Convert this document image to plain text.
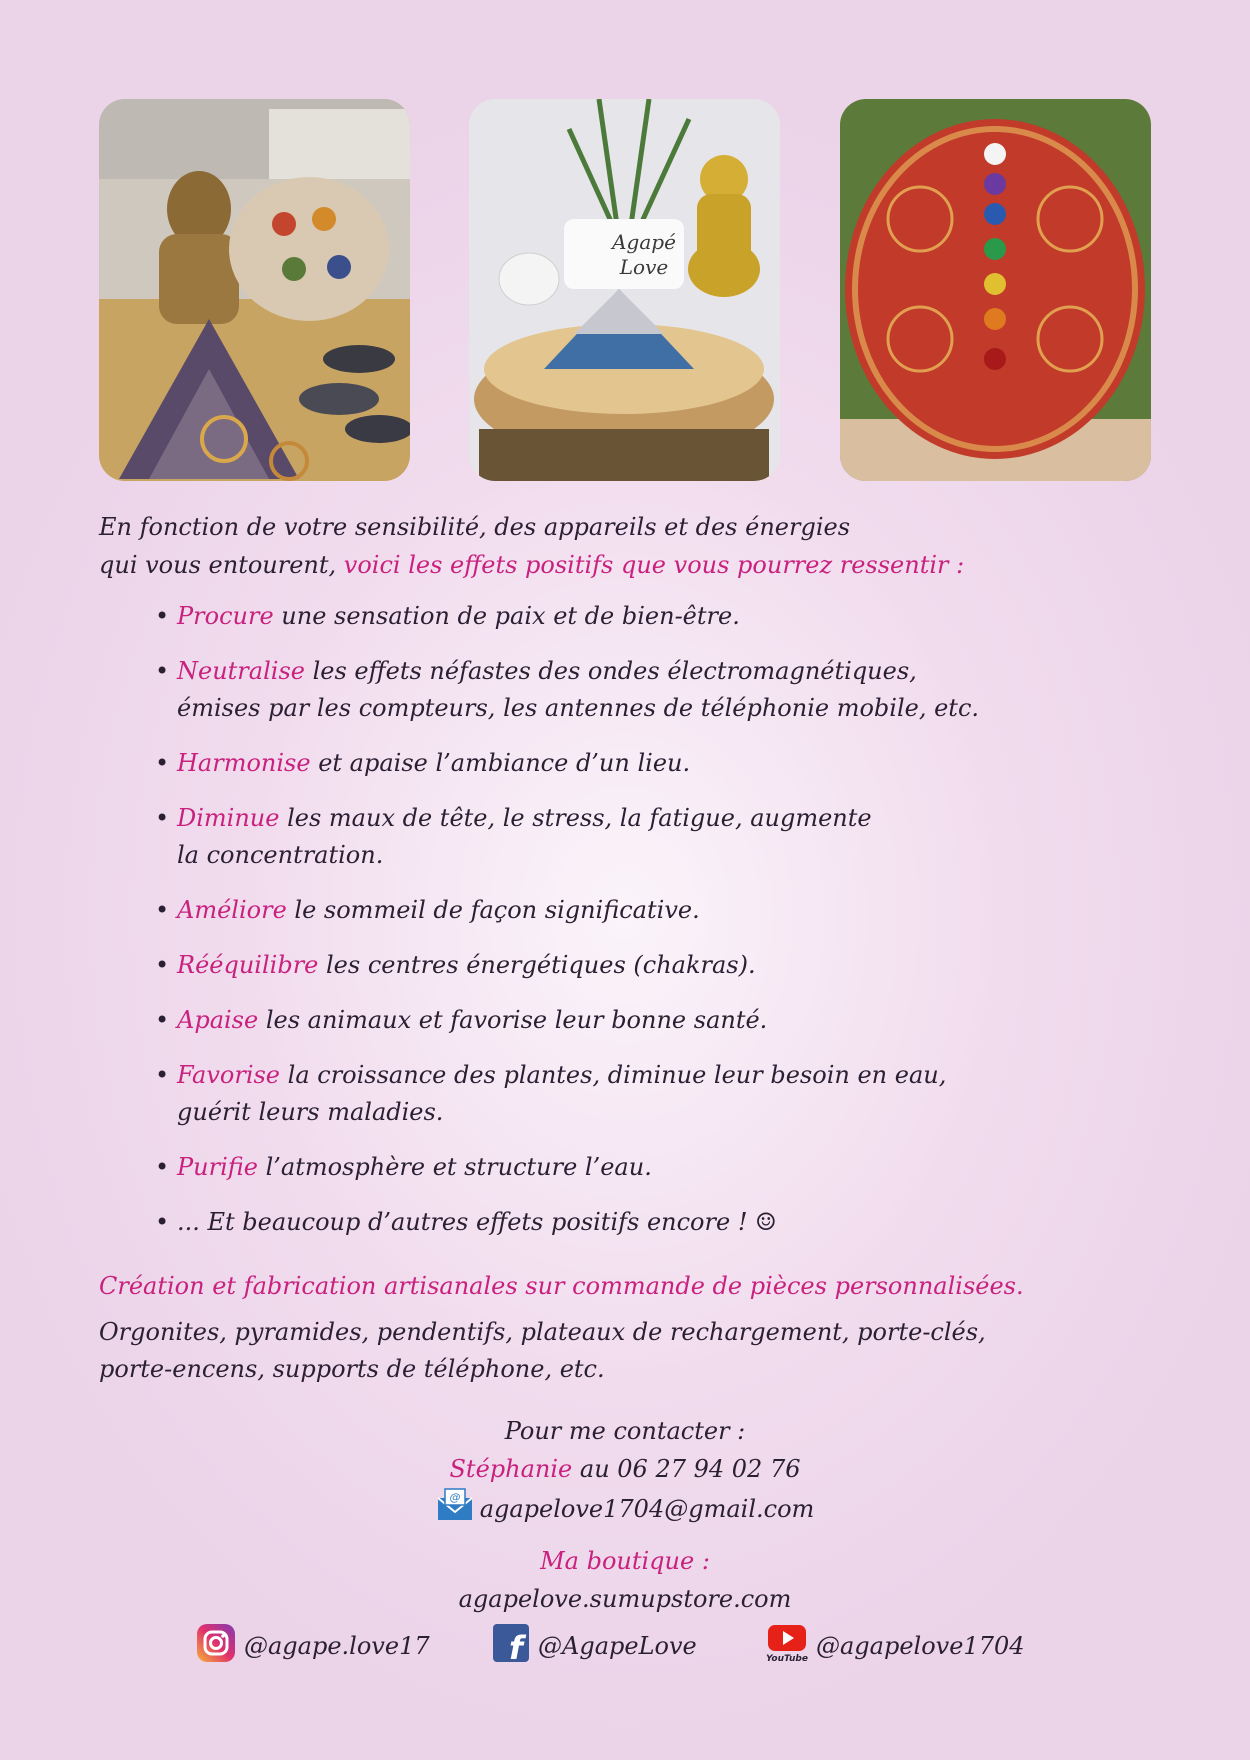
Agapé
Love
En fonction de votre sensibilité, des appareils et des énergies
qui vous entourent, voici les effets positifs que vous pourrez ressentir :
• Procure une sensation de paix et de bien-être.
• Neutralise les effets néfastes des ondes électromagnétiques,
émises par les compteurs, les antennes de téléphonie mobile, etc.
• Harmonise et apaise l’ambiance d’un lieu.
• Diminue les maux de tête, le stress, la fatigue, augmente
la concentration.
• Améliore le sommeil de façon significative.
• Rééquilibre les centres énergétiques (chakras).
• Apaise les animaux et favorise leur bonne santé.
• Favorise la croissance des plantes, diminue leur besoin en eau,
guérit leurs maladies.
• Purifie l’atmosphère et structure l’eau.
• ... Et beaucoup d’autres effets positifs encore ! ☺
Création et fabrication artisanales sur commande de pièces personnalisées.
Orgonites, pyramides, pendentifs, plateaux de rechargement, porte-clés,
porte-encens, supports de téléphone, etc.
Pour me contacter :
Stéphanie au 06 27 94 02 76
@ agapelove1704@gmail.com
Ma boutique :
agapelove.sumupstore.com
@agape.love17 f @AgapeLove	YouTube @agapelove1704
